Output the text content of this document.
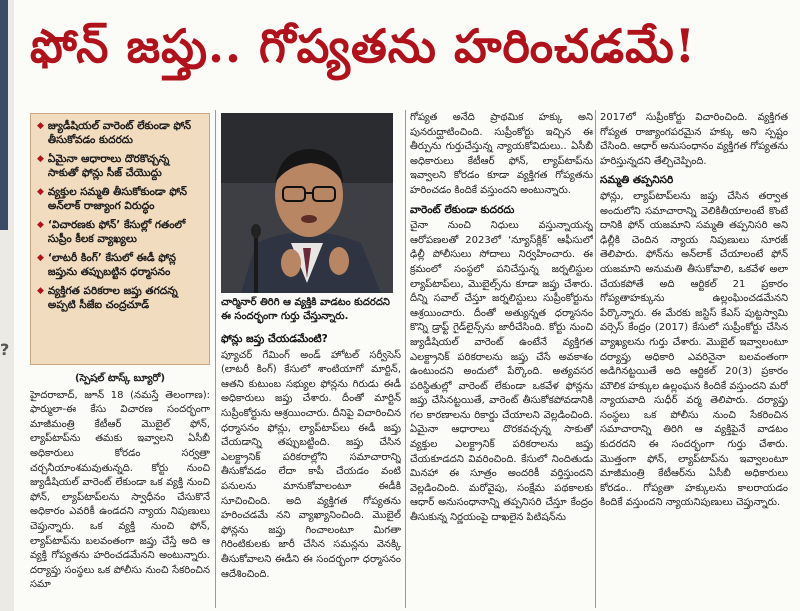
?
ఫోన్ జప్తు.. గోప్యతను హరించడమే!
◆ జ్యుడీషియల్ వారెంట్ లేకుండా ఫోన్ తీసుకోవడం కుదరదు
◆ ఏమైనా ఆధారాలు దొరకొచ్చన్న సాకుతో ఫోన్లు సీజ్ చేయొద్దు
◆ వ్యక్తుల సమ్మతి తీసుకోకుండా ఫోన్ అన్‌లాక్ రాజ్యాంగ విరుద్ధం
◆ ‘విచారణకు ఫోన్’ కేసుల్లో గతంలో సుప్రీం కీలక వ్యాఖ్యలు
◆ ‘లాటరీ కింగ్’ కేసులో ఈడీ ఫోన్ల జప్తును తప్పుబట్టిన ధర్మాసనం
◆ వ్యక్తిగత పరికరాల జప్తు తగదన్న అప్పటి సీజేఐ చంద్రచూడ్
(స్పెషల్ టాస్క్ బ్యూరో)

హైదరాబాద్, జూన్ 18 (నమస్తే తెలంగాణ): ఫార్ములా-ఈ కేసు విచారణ సందర్భంగా మాజీమంత్రి కేటీఆర్ మొబైల్ ఫోన్, ల్యాప్‌టాప్‌ను తమకు ఇవ్వాలని ఏసీబీ అధికారులు కోరడం సర్వత్రా చర్చనీయాంశమవుతున్నది. కోర్టు నుంచి జ్యుడీషియల్ వారెంట్ లేకుండా ఒక వ్యక్తి నుంచి ఫోన్, ల్యాప్‌టాప్‌లను స్వాధీనం చేసుకొనే అధికారం ఎవరికీ ఉండదని న్యాయ నిపుణులు చెప్తున్నారు. ఒక వ్యక్తి నుంచి ఫోన్, ల్యాప్‌టాప్‌ను బలవంతంగా జప్తు చేస్తే అది ఆ వ్యక్తి గోప్యతను హరించడమేనని అంటున్నారు. దర్యాప్తు సంస్థలు ఒక పోలీసు నుంచి సేకరించిన సమా

చార్మినార్ తిరిగి ఆ వ్యక్తికి వాడటం కుదరదని ఈ సందర్భంగా గుర్తు చేస్తున్నారు.
ఫోన్లు జప్తు చేయడమేంటి?

ప్యూచర్ గేమింగ్ అండ్ హోటల్ సర్వీసెస్ (లాటరీ కింగ్) కేసులో శాంటియాగో మార్టిన్, ఆతని కుటుంబ సభ్యుల ఫోన్లను గిరుడు ఈడీ అధికారులు జప్తు చేశారు. దీంతో మార్టిన్ సుప్రీంకోర్టును ఆశ్రయించారు. దీనిపై విచారించిన ధర్మాసనం ఫోన్లు, ల్యాప్‌టాప్‌లు ఈడీ జప్తు చేయడాన్ని తప్పుబట్టింది. జప్తు చేసిన ఎలక్ట్రానిక్ పరికరాల్లోని సమాచారాన్ని తీసుకోవడం లేదా కాపీ చేయడం వంటి పనులను మానుకోవాలంటూ ఈడీకి సూచించింది. అది వ్యక్తిగత గోప్యతను హరించడమే నని వ్యాఖ్యానించింది. మొబైల్ ఫోన్లను జప్తు గించాలంటూ మిగతా గిరింటికులకు జారీ చేసిన సమన్లను వెనక్కి తీసుకోవాలని ఈడీని ఈ సందర్భంగా ధర్మాసనం ఆదేశించింది.

గోప్యత అనేది ప్రాథమిక హక్కు అని పునరుద్ఘాటించింది. సుప్రీంకోర్టు ఇచ్చిన ఈ తీర్పును గుర్తుచేస్తున్న న్యాయకోవిదులు.. ఏసీబీ అధికారులు కేటీఆర్ ఫోన్, ల్యాప్‌టాప్‌ను ఇవ్వాలని కోరడం కూడా వ్యక్తిగత గోప్యతను హరించడం కిందికే వస్తుందని అంటున్నారు.

వారెంట్ లేకుండా కుదరదు

చైనా నుంచి నిధులు వస్తున్నాయన్న ఆరోపణలతో 2023లో ‘న్యూస్‌క్లిక్’ ఆఫీసులో ఢిల్లీ పోలీసులు సోదాలు నిర్వహించారు. ఈ క్రమంలో సంస్థలో పనిచేస్తున్న జర్నలిస్టుల ల్యాప్‌టాప్‌లు, మొబైల్స్‌ను కూడా జప్తు చేశారు. దీన్ని సవాల్ చేస్తూ జర్నలిస్టులు సుప్రీంకోర్టును ఆశ్రయించారు. దీంతో అత్యున్నత ధర్మాసనం కొన్ని డ్రాఫ్ట్ గైడ్‌లైన్స్‌ను జారీచేసింది. కోర్టు నుంచి జ్యుడీషియల్ వారెంట్ ఉంటేనే వ్యక్తిగత ఎలక్ట్రానిక్ పరికరాలను జప్తు చేసే అవకాశం ఉంటుందని అందులో పేర్కొంది. అత్యవసర పరిస్థితుల్లో వారెంట్ లేకుండా ఒకవేళ ఫోన్లను జప్తు చేసినట్టయితే, వారెంట్ తీసుకోకపోవడానికి గల కారణాలను రికార్డు చేయాలని వెల్లడించింది. ఏమైనా ఆధారాలు దొరకవచ్చన్న సాకుతో వ్యక్తుల ఎలక్ట్రానిక్ పరికరాలను జప్తు చేయకూడదని వివరించింది. కేసులో నిందితుడు మినహా ఈ సూత్రం అందరికీ వర్తిస్తుందని వెల్లడించింది. మరోవైపు, సంక్షేమ పథకాలకు ఆధార్ అనుసంధానాన్ని తప్పనిసరి చేస్తూ కేంద్రం తీసుకున్న నిర్ణయంపై దాఖలైన పిటిషన్‌ను

2017లో సుప్రీంకోర్టు విచారించింది. వ్యక్తిగత గోప్యత రాజ్యాంగపరమైన హక్కు అని స్పష్టం చేసింది. ఆధార్ అనుసంధానం వ్యక్తిగత గోప్యతను హరిస్తున్నదని తేల్చిచెప్పింది.

సమ్మతి తప్పనిసరి

ఫోన్లు, ల్యాప్‌టాప్‌లను జప్తు చేసిన తర్వాత అందులోని సమాచారాన్ని వెలికితీయాలంటే కొంటే దానికి ఫోన్ యజమాని సమ్మతి తప్పనిసరి అని ఢిల్లీకి చెందిన న్యాయ నిపుణులు సూరజ్ తెలిపారు. ఫోన్‌ను అన్‌లాక్ చేయాలంటే ఫోన్ యజమాని అనుమతి తీసుకోవాలి, ఒకవేళ అలా చేయకపోతే అది ఆర్టికల్ 21 ప్రకారం గోప్యతాహక్కును ఉల్లంఘించడమేనని పేర్కొన్నారు. ఈ మేరకు జస్టిస్ కేఎస్ పుట్టస్వామి వర్సెస్ కేంద్రం (2017) కేసులో సుప్రీంకోర్టు చేసిన వ్యాఖ్యలను గుర్తు చేశారు. మొబైల్ ఇవ్వాలంటూ దర్యాప్తు అధికారి ఎవరినైనా బలవంతంగా అడిగినట్టయితే అది ఆర్టికల్ 20(3) ప్రకారం మౌలిక హక్కుల ఉల్లంఘన కిందికే వస్తుందని మరో న్యాయవాది సుధీర్ వర్మ తెలిపారు. దర్యాప్తు సంస్థలు ఒక పోలీసు నుంచి సేకరించిన సమాచారాన్ని తిరిగి ఆ వ్యక్తిపైనే వాడటం కుదరదని ఈ సందర్భంగా గుర్తు చేశారు. మొత్తంగా ఫోన్, ల్యాప్‌టాప్‌ను ఇవ్వాలంటూ మాజీమంత్రి కేటీఆర్‌ను ఏసీబీ అధికారులు కోరడం.. గోప్యతా హక్కులను కాలరాయడం కిందికే వస్తుందని న్యాయనిపుణులు చెప్తున్నారు.
